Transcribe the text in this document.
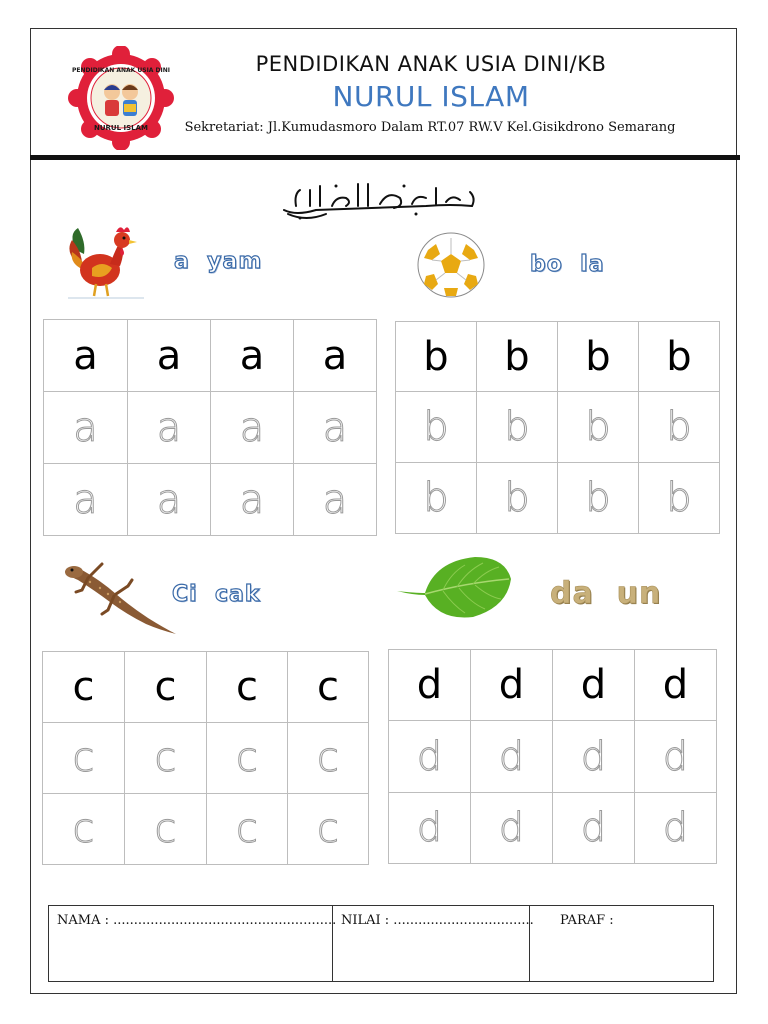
PENDIDIKAN ANAK USIA DINI
NURUL ISLAM
PENDIDIKAN ANAK USIA DINI/KB
NURUL ISLAM
Sekretariat: Jl.Kumudasmoro Dalam RT.07 RW.V Kel.Gisikdrono Semarang
a  yam	bo  la
a	a	a	a
a	a	a	a
a	a	a	a
b	b	b	b
b	b	b	b
b	b	b	b
Ci  cak	da  un
c	c	c	c
c	c	c	c
c	c	c	c
d	d	d	d
d	d	d	d
d	d	d	d
NAMA : ...................................................... NILAI : .................................. PARAF :
